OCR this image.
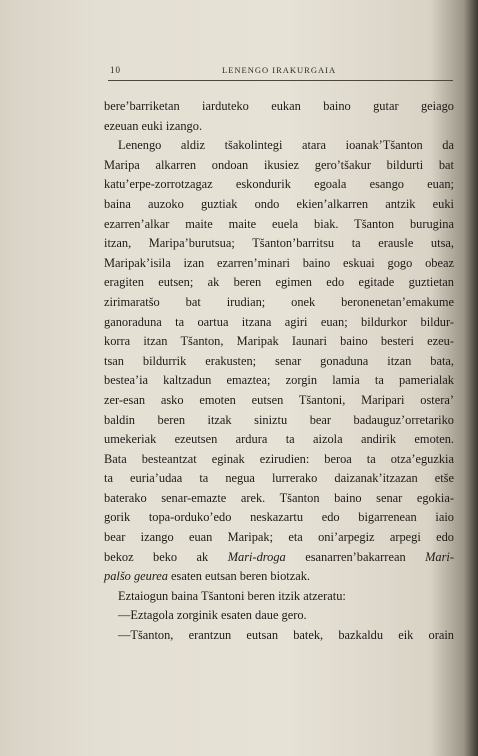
10	LENENGO IRAKURGAIA
bere’barriketan iarduteko eukan baino gutar geiago
ezeuan euki izango.
Lenengo aldiz tšakolintegi atara ioanak’Tšanton da
Maripa alkarren ondoan ikusiez gero’tšakur bildurti bat
katu’erpe-zorrotzagaz eskondurik egoala esango euan;
baina auzoko guztiak ondo ekien’alkarren antzik euki
ezarren’alkar maite maite euela biak. Tšanton burugina
itzan, Maripa’burutsua; Tšanton’barritsu ta erausle utsa,
Maripak’isila izan ezarren’minari baino eskuai gogo obeaz
eragiten eutsen; ak beren egimen edo egitade guztietan
zirimaratšo bat irudian; onek beronenetan’emakume
ganoraduna ta oartua itzana agiri euan; bildurkor bildur-
korra itzan Tšanton, Maripak Iaunari baino besteri ezeu-
tsan bildurrik erakusten; senar gonaduna itzan bata,
bestea’ia kaltzadun emaztea; zorgin lamia ta pamerialak
zer-esan asko emoten eutsen Tšantoni, Maripari ostera’
baldin beren itzak siniztu bear badauguz’orretariko
umekeriak ezeutsen ardura ta aizola andirik emoten.
Bata besteantzat eginak ezirudien: beroa ta otza’eguzkia
ta euria’udaa ta negua lurrerako daizanak’itzazan etše
baterako senar-emazte arek. Tšanton baino senar egokia-
gorik topa-orduko’edo neskazartu edo bigarrenean iaio
bear izango euan Maripak; eta oni’arpegiz arpegi edo
bekoz beko ak Mari-droga esanarren’bakarrean Mari-
palšo geurea esaten eutsan beren biotzak.
Eztaiogun baina Tšantoni beren itzik atzeratu:
—Eztagola zorginik esaten daue gero.
—Tšanton, erantzun eutsan batek, bazkaldu eik orain
